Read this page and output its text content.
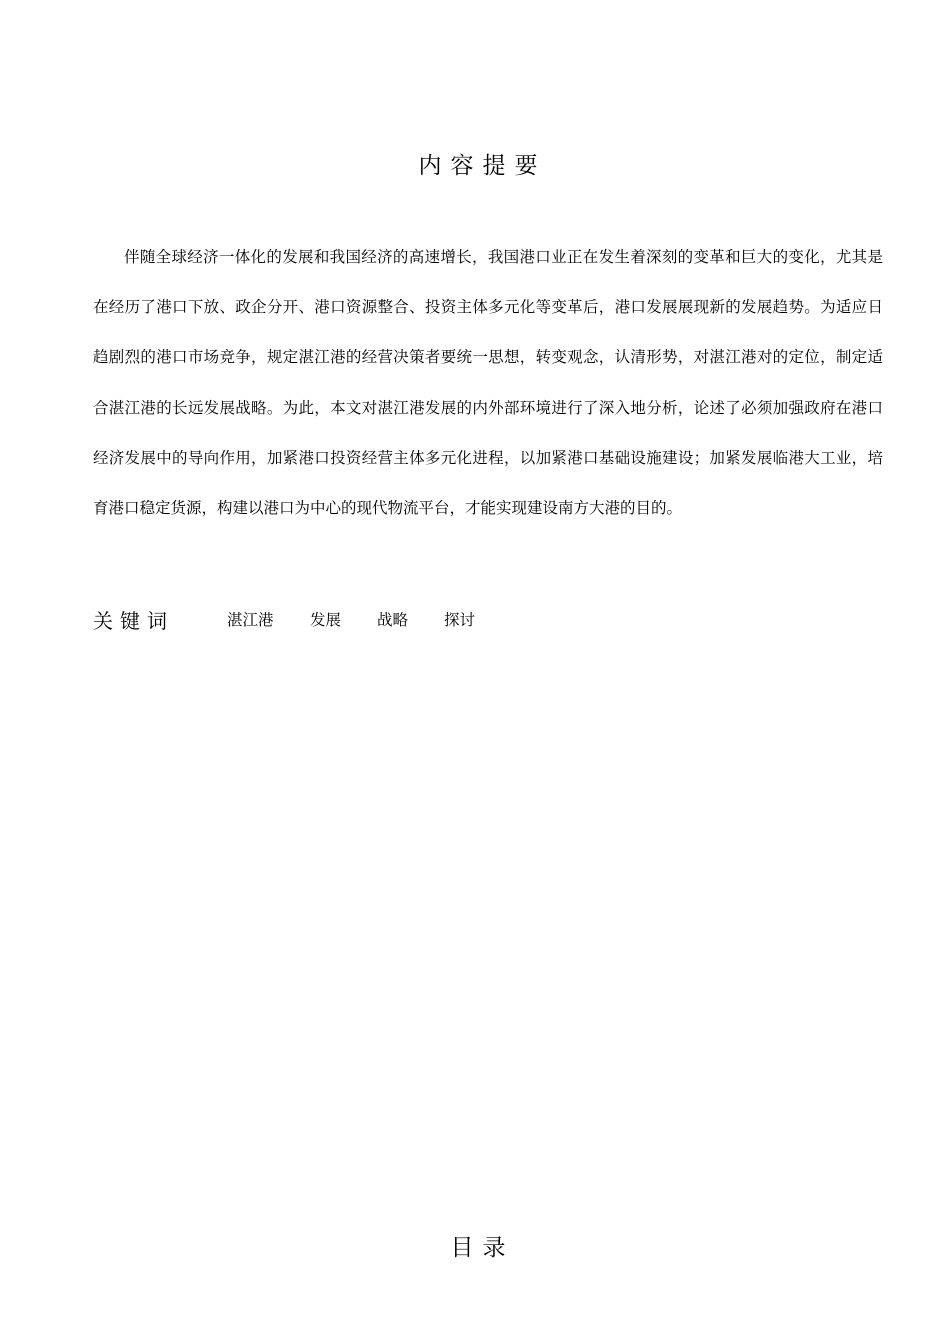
内容提要

伴随全球经济一体化的发展和我国经济的高速增长，我国港口业正在发生着深刻的变革和巨大的变化，尤其是在经历了港口下放、政企分开、港口资源整合、投资主体多元化等变革后，港口发展展现新的发展趋势。为适应日趋剧烈的港口市场竞争，规定湛江港的经营决策者要统一思想，转变观念，认清形势，对湛江港对的定位，制定适合湛江港的长远发展战略。为此，本文对湛江港发展的内外部环境进行了深入地分析，论述了必须加强政府在港口经济发展中的导向作用，加紧港口投资经营主体多元化进程，以加紧港口基础设施建设；加紧发展临港大工业，培育港口稳定货源，构建以港口为中心的现代物流平台，才能实现建设南方大港的目的。

关键词	湛江港	发展	战略	探讨
目录
